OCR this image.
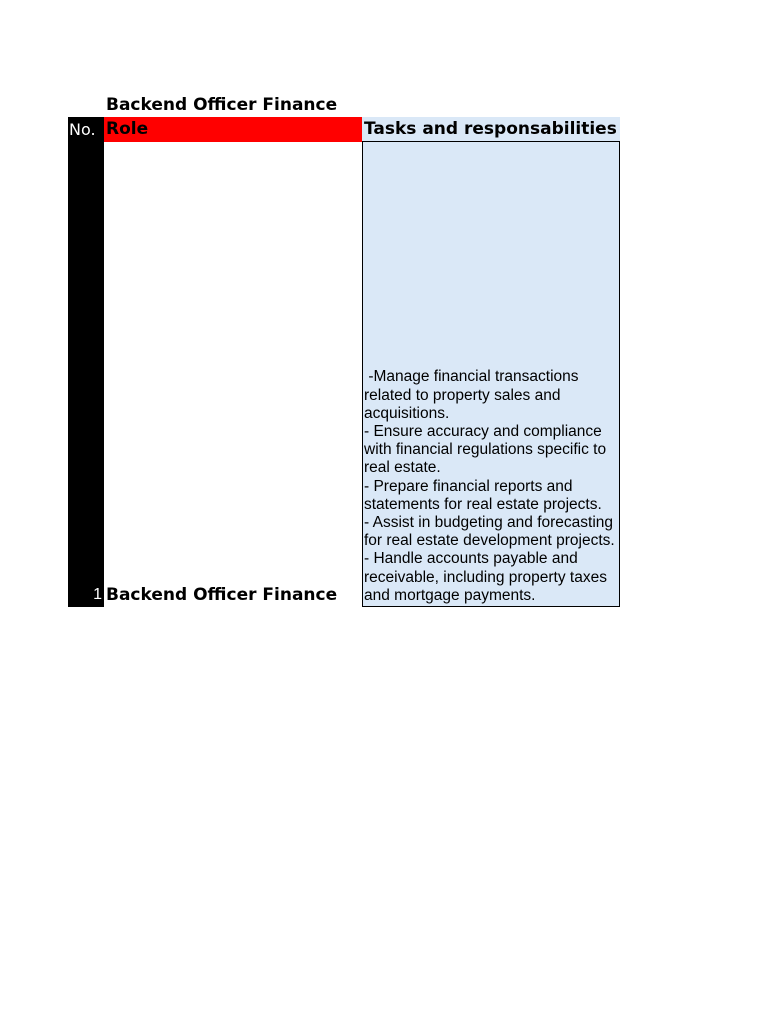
Backend Officer Finance
No. Role	Tasks and responsabilities
1 Backend Officer Finance
-Manage financial transactions related to property sales and acquisitions.
- Ensure accuracy and compliance with financial regulations specific to real estate.
- Prepare financial reports and statements for real estate projects.
- Assist in budgeting and forecasting for real estate development projects.
- Handle accounts payable and receivable, including property taxes and mortgage payments.
